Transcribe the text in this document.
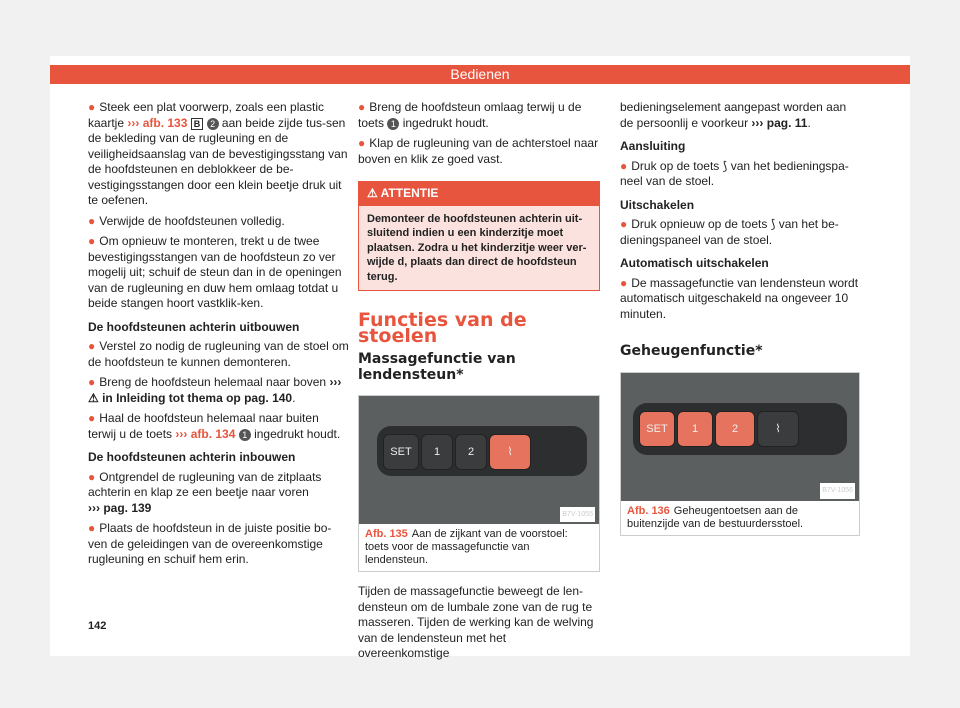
Bedienen

● Steek een plat voorwerp, zoals een plastic kaartje ››› afb. 133 B 2 aan beide zijde tus-sen de bekleding van de rugleuning en de veiligheidsaanslag van de bevestigingsstang van de hoofdsteunen en deblokkeer de be-vestigingsstangen door een klein beetje druk uit te oefenen.

● Verwijde de hoofdsteunen volledig.

● Om opnieuw te monteren, trekt u de twee bevestigingsstangen van de hoofdsteun zo ver mogelij uit; schuif de steun dan in de openingen van de rugleuning en duw hem omlaag totdat u beide stangen hoort vastklik-ken.

De hoofdsteunen achterin uitbouwen

● Verstel zo nodig de rugleuning van de stoel om de hoofdsteun te kunnen demonteren.

● Breng de hoofdsteun helemaal naar boven ››› ⚠ in Inleiding tot thema op pag. 140.

● Haal de hoofdsteun helemaal naar buiten terwij u de toets ››› afb. 134 1 ingedrukt houdt.

De hoofdsteunen achterin inbouwen

● Ontgrendel de rugleuning van de zitplaats achterin en klap ze een beetje naar voren
››› pag. 139

● Plaats de hoofdsteun in de juiste positie bo-ven de geleidingen van de overeenkomstige rugleuning en schuif hem erin.

● Breng de hoofdsteun omlaag terwij u de toets 1 ingedrukt houdt.

● Klap de rugleuning van de achterstoel naar boven en klik ze goed vast.

⚠ ATTENTIE
Demonteer de hoofdsteunen achterin uit-sluitend indien u een kinderzitje moet plaatsen. Zodra u het kinderzitje weer ver-wijde d, plaats dan direct de hoofdsteun terug.
Functies van de stoelen
Massagefunctie van lendensteun*
SET	1	2	⌇
B7V-1055
Afb. 135 Aan de zijkant van de voorstoel: toets voor de massagefunctie van lendensteun.

Tijden de massagefunctie beweegt de len-densteun om de lumbale zone van de rug te masseren. Tijden de werking kan de welving van de lendensteun met het overeenkomstige

bedieningselement aangepast worden aan de persoonlij e voorkeur ››› pag. 11.

Aansluiting

● Druk op de toets ⟆ van het bedieningspa-neel van de stoel.

Uitschakelen

● Druk opnieuw op de toets ⟆ van het be-dieningspaneel van de stoel.

Automatisch uitschakelen

● De massagefunctie van lendensteun wordt automatisch uitgeschakeld na ongeveer 10 minuten.

Geheugenfunctie*
SET	1	2	⌇
B7V-1056
Afb. 136 Geheugentoetsen aan de buitenzijde van de bestuurdersstoel.
142
